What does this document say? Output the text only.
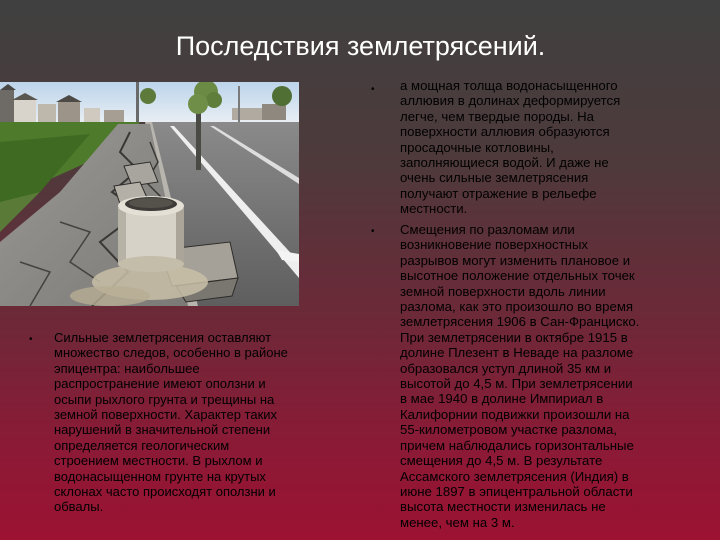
Последствия землетрясений.
• Сильные землетрясения оставляют
множество следов, особенно в районе
эпицентра: наибольшее
распространение имеют оползни и
осыпи рыхлого грунта и трещины на
земной поверхности. Характер таких
нарушений в значительной степени
определяется геологическим
строением местности. В рыхлом и
водонасыщенном грунте на крутых
склонах часто происходят оползни и
обвалы.
• а мощная толща водонасыщенного
аллювия в долинах деформируется
легче, чем твердые породы. На
поверхности аллювия образуются
просадочные котловины,
заполняющиеся водой. И даже не
очень сильные землетрясения
получают отражение в рельефе
местности.
• Смещения по разломам или
возникновение поверхностных
разрывов могут изменить плановое и
высотное положение отдельных точек
земной поверхности вдоль линии
разлома, как это произошло во время
землетрясения 1906 в Сан-Франциско.
При землетрясении в октябре 1915 в
долине Плезент в Неваде на разломе
образовался уступ длиной 35 км и
высотой до 4,5 м. При землетрясении
в мае 1940 в долине Импириал в
Калифорнии подвижки произошли на
55-километровом участке разлома,
причем наблюдались горизонтальные
смещения до 4,5 м. В результате
Ассамского землетрясения (Индия) в
июне 1897 в эпицентральной области
высота местности изменилась не
менее, чем на 3 м.
